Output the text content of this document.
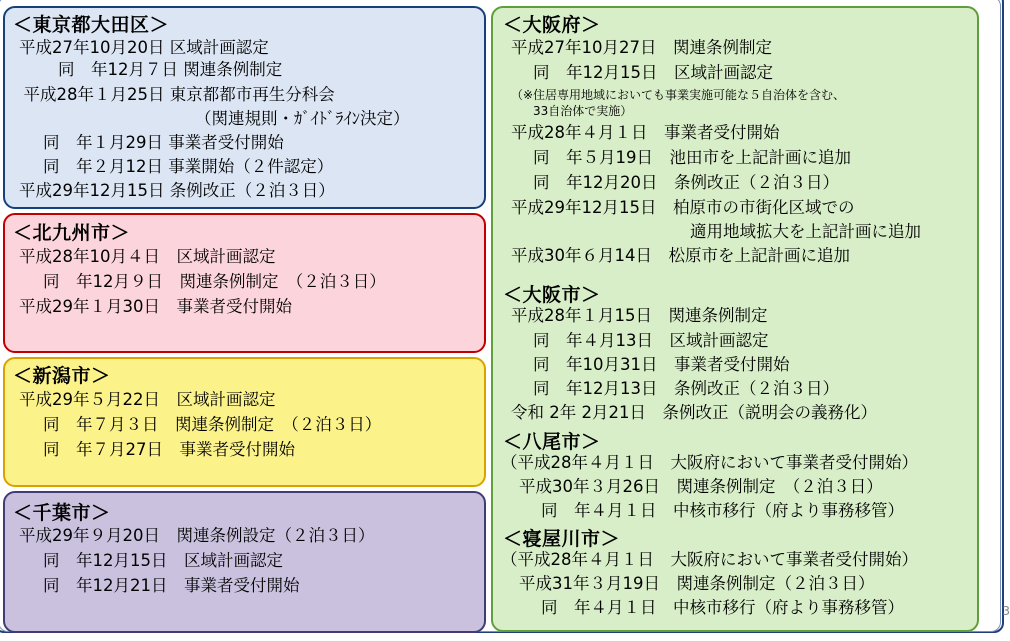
＜東京都大田区＞
平成27年10月20日 区域計画認定
　　同　年12月７日 関連条例制定
　平成28年１月25日 東京都都市再生分科会
（関連規則・ｶﾞｲﾄﾞﾗｲﾝ決定）
同　年１月29日 事業者受付開始
同　年２月12日 事業開始（２件認定）
平成29年12月15日 条例改正（２泊３日）
＜北九州市＞
平成28年10月４日　区域計画認定
同　年12月９日　関連条例制定　（２泊３日）
平成29年１月30日　事業者受付開始
＜新潟市＞
平成29年５月22日　区域計画認定
同　年７月３日　関連条例制定　（２泊３日）
同　年７月27日　事業者受付開始
＜千葉市＞
平成29年９月20日　関連条例設定（２泊３日）
同　年12月15日　区域計画認定
同　年12月21日　事業者受付開始
＜大阪府＞
平成27年10月27日　関連条例制定
同　年12月15日　区域計画認定
（※住居専用地域においても事業実施可能な５自治体を含む、
33自治体で実施）
平成28年４月１日　事業者受付開始
同　年５月19日　池田市を上記計画に追加
同　年12月20日　条例改正（２泊３日）
平成29年12月15日　柏原市の市街化区域での
適用地域拡大を上記計画に追加
平成30年６月14日　松原市を上記計画に追加
＜大阪市＞
平成28年１月15日　関連条例制定
同　年４月13日　区域計画認定
同　年10月31日　事業者受付開始
同　年12月13日　条例改正（２泊３日）
令和 2年 2月21日　条例改正（説明会の義務化）
＜八尾市＞
（平成28年４月１日　大阪府において事業者受付開始）
平成30年３月26日　関連条例制定　（２泊３日）
同　年４月１日　中核市移行（府より事務移管）
＜寝屋川市＞
（平成28年４月１日　大阪府において事業者受付開始）
平成31年３月19日　関連条例制定（２泊３日）
同　年４月１日　中核市移行（府より事務移管）	3
